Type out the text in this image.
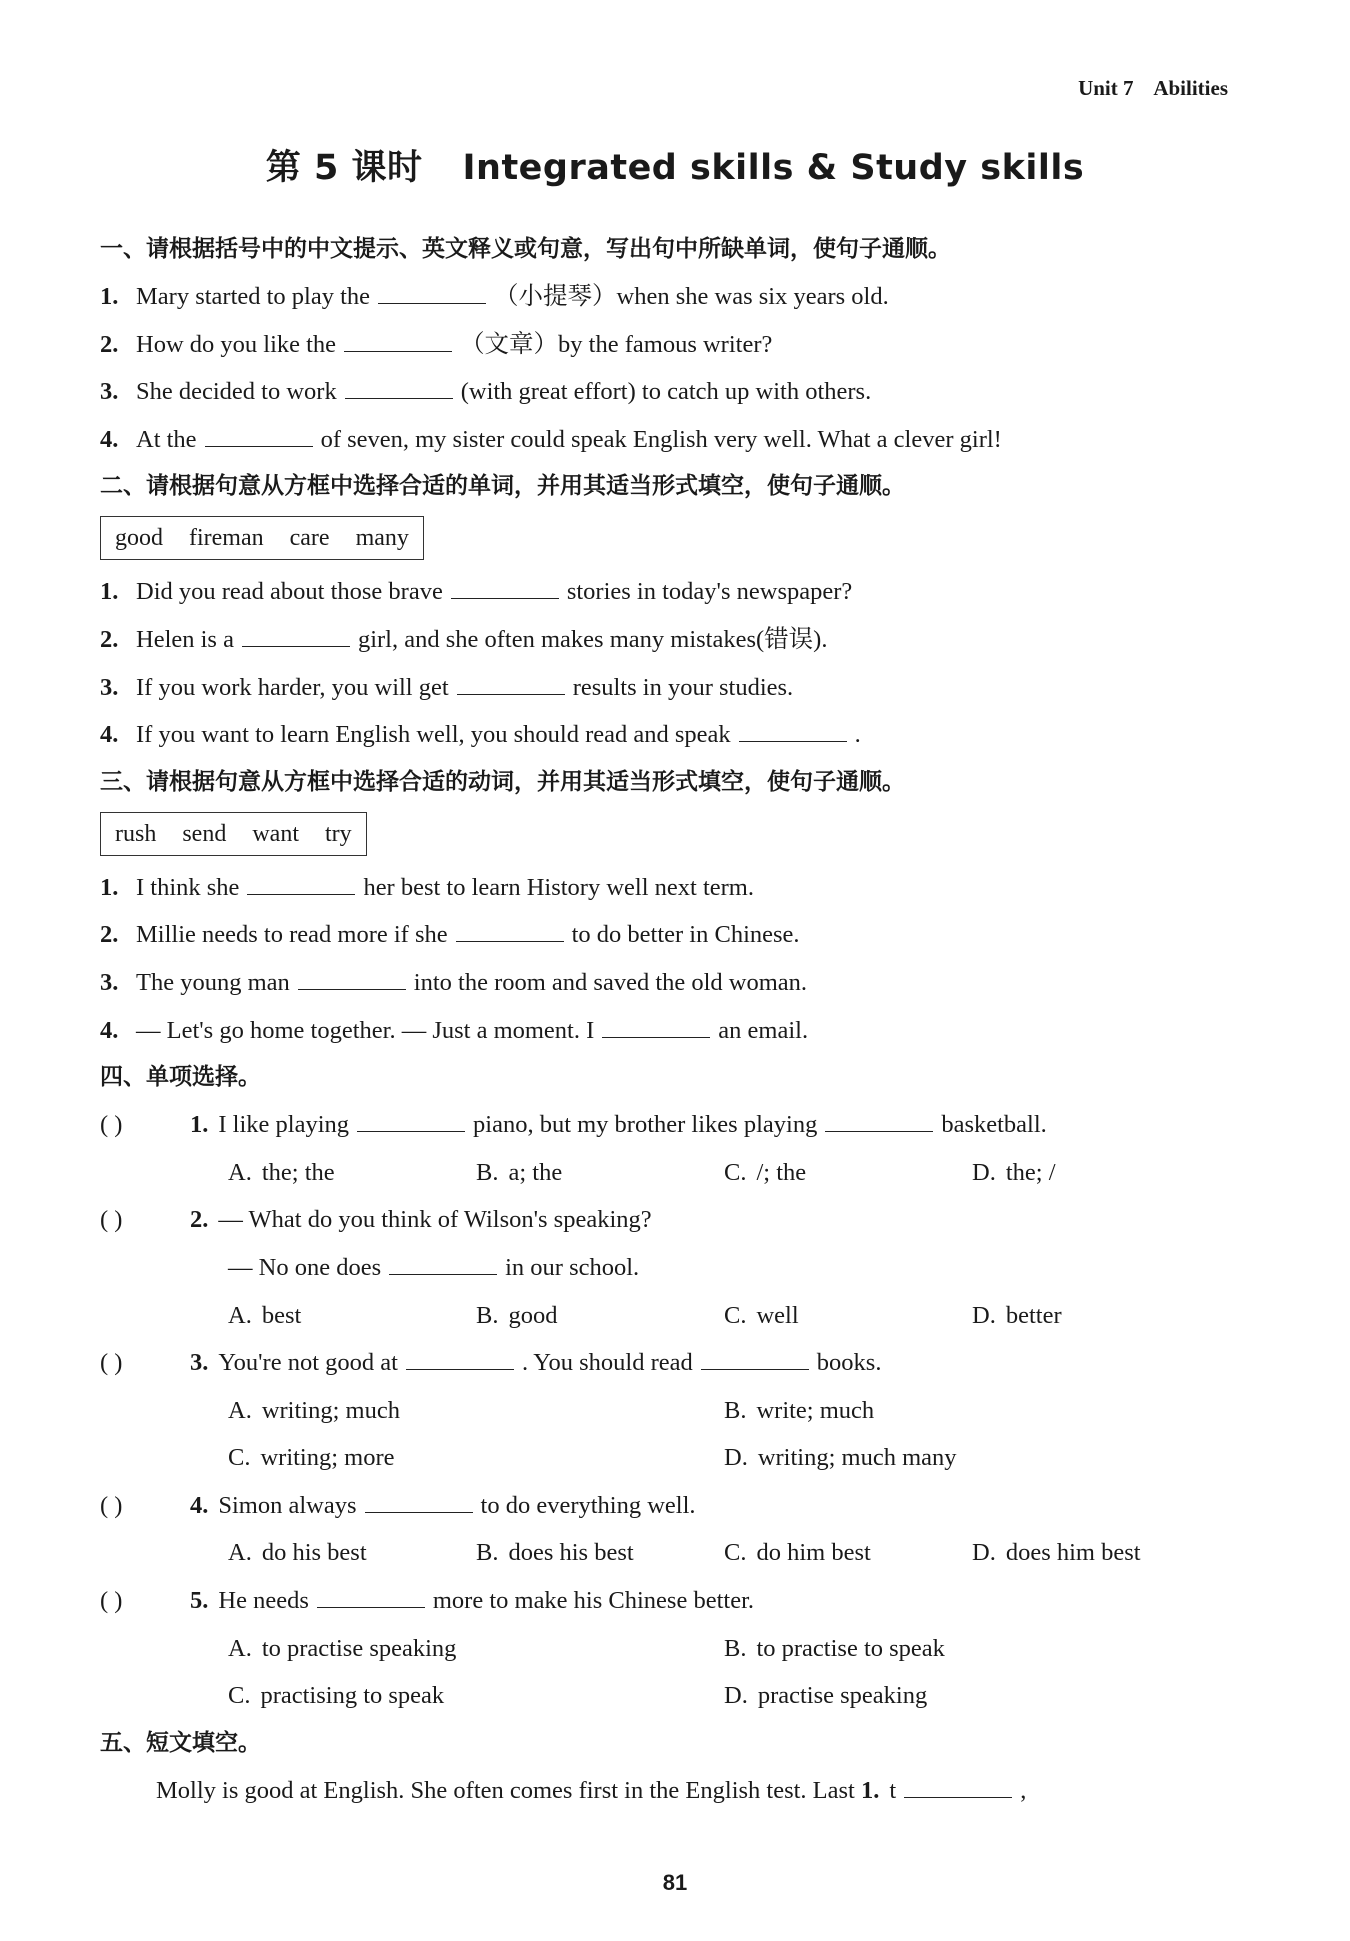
Unit 7    Abilities
第 5 课时 Integrated skills & Study skills
一、请根据括号中的中文提示、英文释义或句意，写出句中所缺单词，使句子通顺。
1. Mary started to play the	（小提琴）when she was six years old.
2. How do you like the	（文章）by the famous writer?
3. She decided to work	(with great effort) to catch up with others.
4. At the	of seven, my sister could speak English very well. What a clever girl!
二、请根据句意从方框中选择合适的单词，并用其适当形式填空，使句子通顺。
good fireman care many
1. Did you read about those brave	stories in today's newspaper?
2. Helen is a	girl, and she often makes many mistakes(错误).
3. If you work harder, you will get	results in your studies.
4. If you want to learn English well, you should read and speak	.
三、请根据句意从方框中选择合适的动词，并用其适当形式填空，使句子通顺。
rush send want try
1. I think she	her best to learn History well next term.
2. Millie needs to read more if she	to do better in Chinese.
3. The young man	into the room and saved the old woman.
4. — Let's go home together. — Just a moment. I	an email.
四、单项选择。
( )	1. I like playing	piano, but my brother likes playing	basketball.
A. the; the	B. a; the	C. /; the	D. the; /
( )	2. — What do you think of Wilson's speaking?
— No one does	in our school.
A. best	B. good	C. well	D. better
( )	3. You're not good at	. You should read	books.
A. writing; much	B. write; much
C. writing; more	D. writing; much many
( )	4. Simon always	to do everything well.
A. do his best	B. does his best	C. do him best	D. does him best
( )	5. He needs	more to make his Chinese better.
A. to practise speaking	B. to practise to speak
C. practising to speak	D. practise speaking
五、短文填空。
Molly is good at English. She often comes first in the English test. Last 1. t	,
81
